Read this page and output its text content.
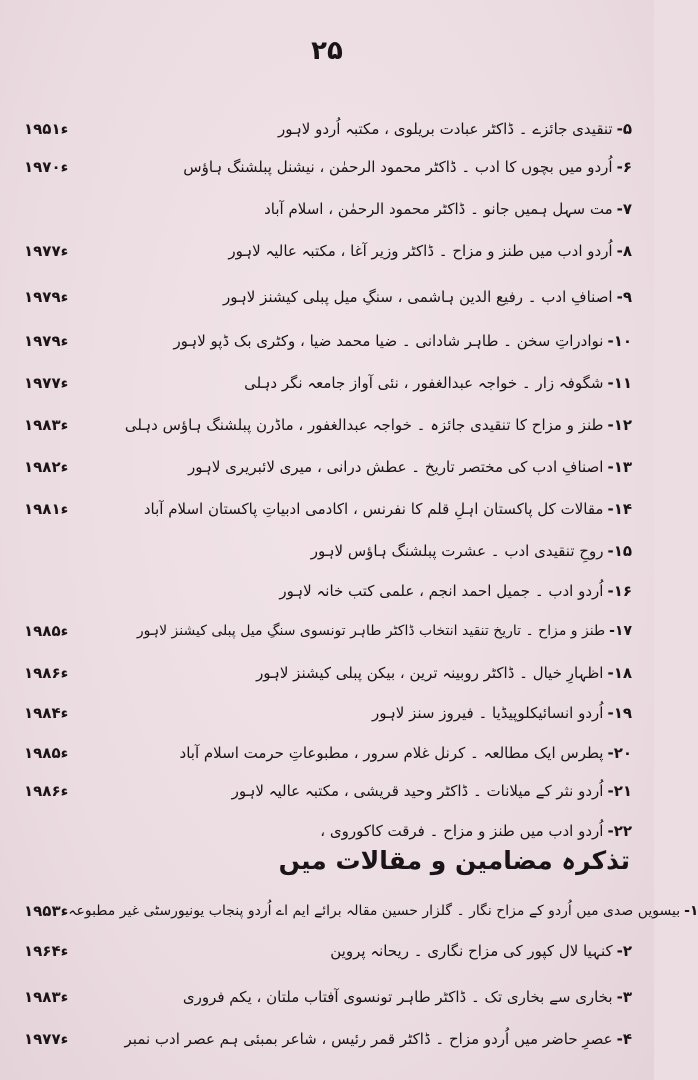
۲۵
۱۹۵۱ء	۵-تنقیدی جائزے ۔ ڈاکٹر عبادت بریلوی ، مکتبہ اُردو لاہور
۱۹۷۰ء	۶-اُردو میں بچوں کا ادب ۔ ڈاکٹر محمود الرحمٰن ، نیشنل پبلشنگ ہاؤس
۷-مت سہل ہمیں جانو ۔ ڈاکٹر محمود الرحمٰن ، اسلام آباد
۱۹۷۷ء	۸-اُردو ادب میں طنز و مزاح ۔ ڈاکٹر وزیر آغا ، مکتبہ عالیہ لاہور
۱۹۷۹ء	۹-اصنافِ ادب ۔ رفیع الدین ہاشمی ، سنگِ میل پبلی کیشنز لاہور
۱۹۷۹ء	۱۰-نوادراتِ سخن ۔ طاہر شادانی ۔ ضیا محمد ضیا ، وکٹری بک ڈپو لاہور
۱۹۷۷ء	۱۱-شگوفہ زار ۔ خواجہ عبدالغفور ، نئی آواز جامعہ نگر دہلی
۱۹۸۳ء	۱۲-طنز و مزاح کا تنقیدی جائزہ ۔ خواجہ عبدالغفور ، ماڈرن پبلشنگ ہاؤس دہلی
۱۹۸۲ء	۱۳-اصنافِ ادب کی مختصر تاریخ ۔ عطش درانی ، میری لائبریری لاہور
۱۹۸۱ء	۱۴-مقالات کل پاکستان اہلِ قلم کا نفرنس ، اکادمی ادبیاتِ پاکستان اسلام آباد
۱۵-روحِ تنقیدی ادب ۔ عشرت پبلشنگ ہاؤس لاہور
۱۶-اُردو ادب ۔ جمیل احمد انجم ، علمی کتب خانہ لاہور
۱۹۸۵ء	۱۷-طنز و مزاح ۔ تاریخ تنقید انتخاب ڈاکٹر طاہر تونسوی سنگِ میل پبلی کیشنز لاہور
۱۹۸۶ء	۱۸-اظہارِ خیال ۔ ڈاکٹر روبینہ ترین ، بیکن پبلی کیشنز لاہور
۱۹۸۴ء	۱۹-اُردو انسائیکلوپیڈیا ۔ فیروز سنز لاہور
۱۹۸۵ء	۲۰-پطرس ایک مطالعہ ۔ کرنل غلام سرور ، مطبوعاتِ حرمت اسلام آباد
۱۹۸۶ء	۲۱-اُردو نثر کے میلانات ۔ ڈاکٹر وحید قریشی ، مکتبہ عالیہ لاہور
۲۲-اُردو ادب میں طنز و مزاح ۔ فرقت کاکوروی ،
تذکرہ مضامین و مقالات میں
۱۹۵۳ء	۱-بیسویں صدی میں اُردو کے مزاح نگار ۔ گلزار حسین مقالہ برائے ایم اے اُردو پنجاب یونیورسٹی غیر مطبوعہ
۱۹۶۴ء	۲-کنہیا لال کپور کی مزاح نگاری ۔ ریحانہ پروین
۱۹۸۳ء	۳-بخاری سے بخاری تک ۔ ڈاکٹر طاہر تونسوی آفتاب ملتان ، یکم فروری
۱۹۷۷ء	۴-عصرِ حاضر میں اُردو مزاح ۔ ڈاکٹر قمر رئیس ، شاعر بمبئی ہم عصر ادب نمبر
